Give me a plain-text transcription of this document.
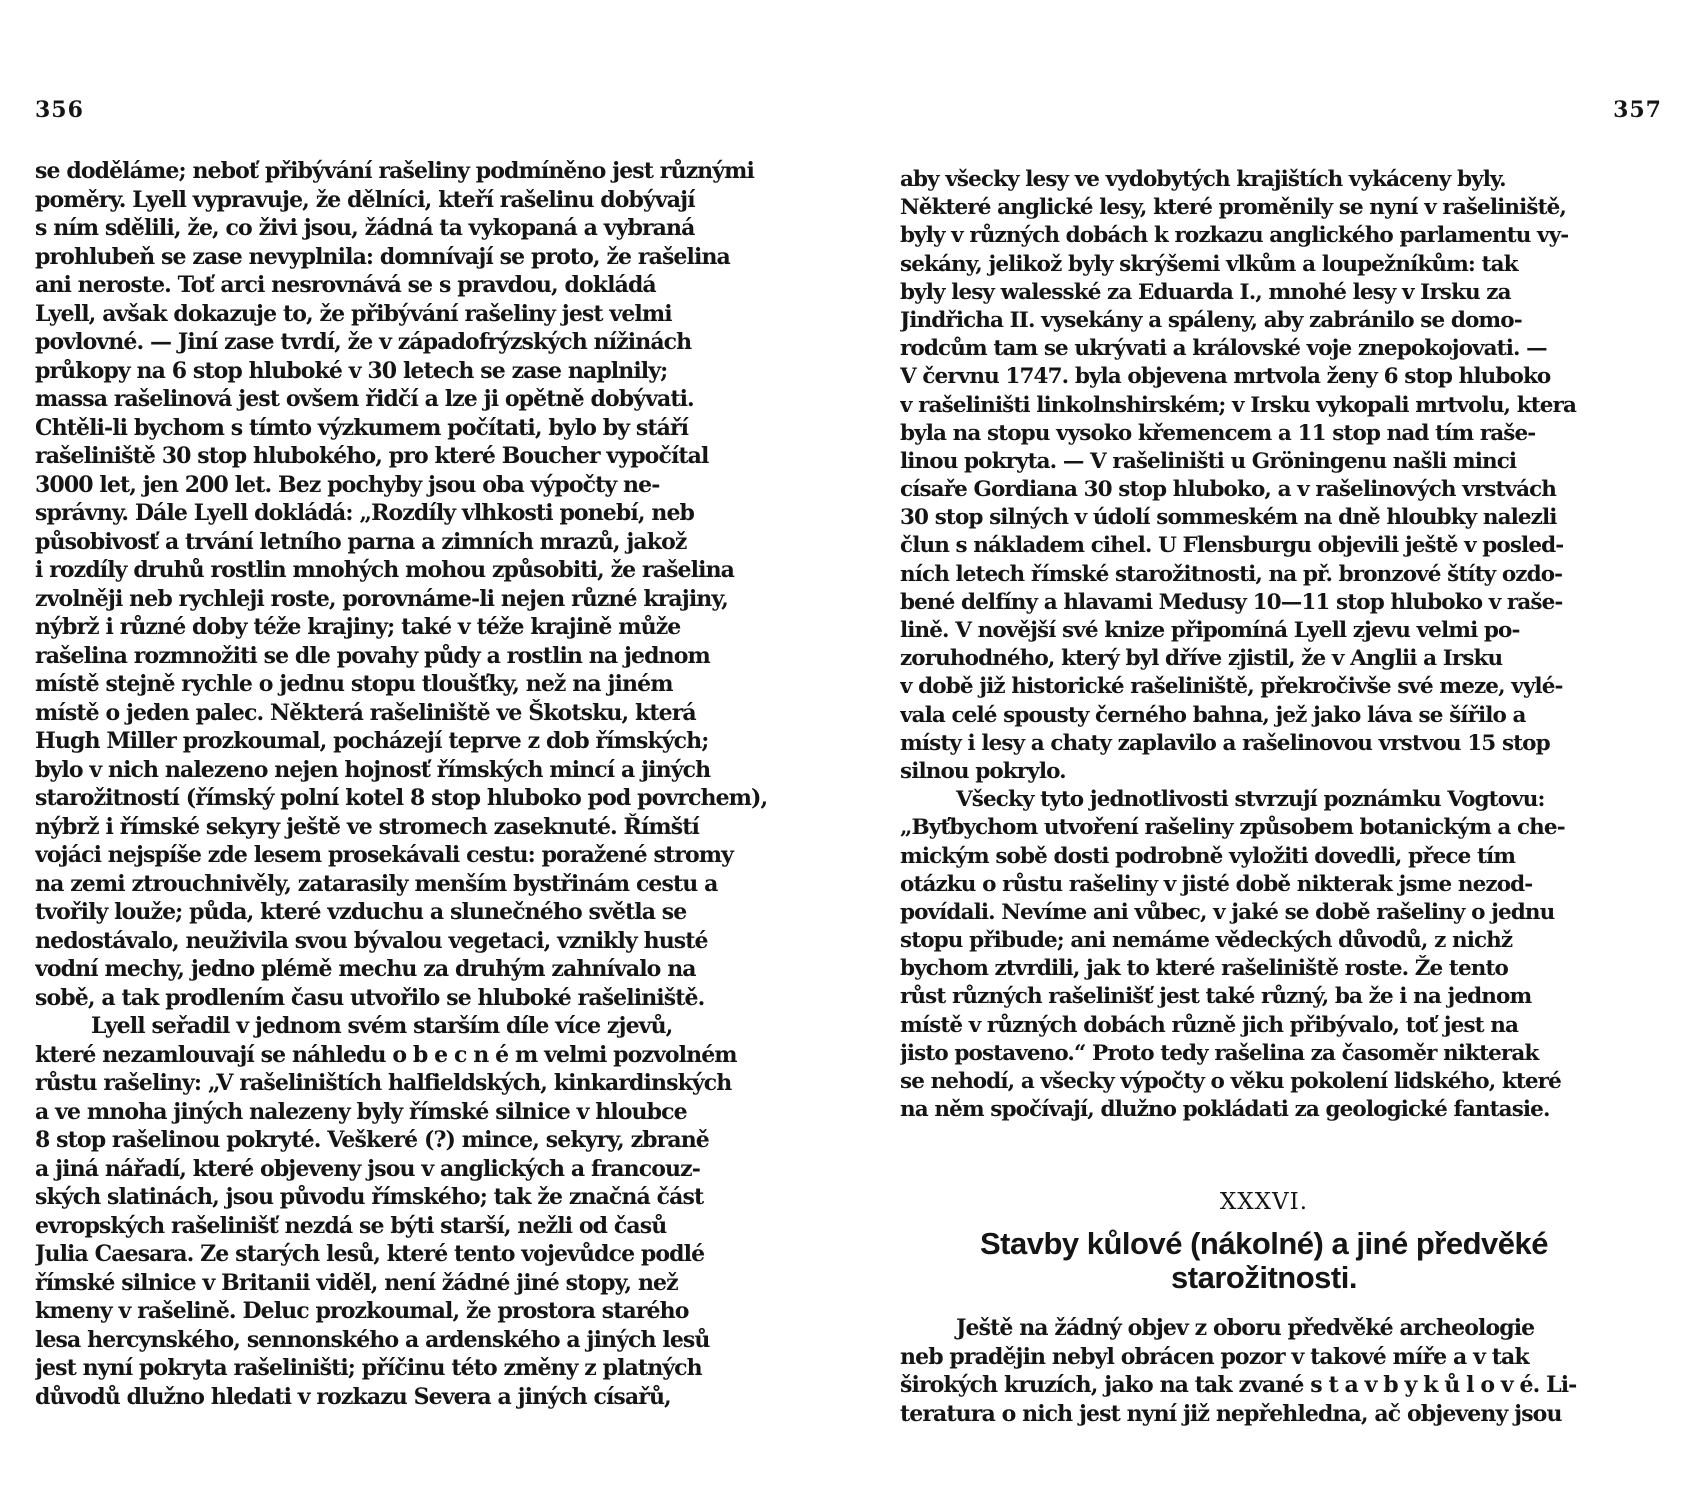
356
se doděláme; neboť přibývání rašeliny podmíněno jest různými
poměry. Lyell vypravuje, že dělníci, kteří rašelinu dobývají
s ním sdělili, že, co živi jsou, žádná ta vykopaná a vybraná
prohlubeň se zase nevyplnila: domnívají se proto, že rašelina
ani neroste. Toť arci nesrovnává se s pravdou, dokládá
Lyell, avšak dokazuje to, že přibývání rašeliny jest velmi
povlovné. — Jiní zase tvrdí, že v západofrýzských nížinách
průkopy na 6 stop hluboké v 30 letech se zase naplnily;
massa rašelinová jest ovšem řidčí a lze ji opětně dobývati.
Chtěli-li bychom s tímto výzkumem počítati, bylo by stáří
rašeliniště 30 stop hlubokého, pro které Boucher vypočítal
3000 let, jen 200 let. Bez pochyby jsou oba výpočty ne-
správny. Dále Lyell dokládá: „Rozdíly vlhkosti ponebí, neb
působivosť a trvání letního parna a zimních mrazů, jakož
i rozdíly druhů rostlin mnohých mohou způsobiti, že rašelina
zvolněji neb rychleji roste, porovnáme-li nejen různé krajiny,
nýbrž i různé doby téže krajiny; také v téže krajině může
rašelina rozmnožiti se dle povahy půdy a rostlin na jednom
místě stejně rychle o jednu stopu tloušťky, než na jiném
místě o jeden palec. Některá rašeliniště ve Škotsku, která
Hugh Miller prozkoumal, pocházejí teprve z dob římských;
bylo v nich nalezeno nejen hojnosť římských mincí a jiných
starožitností (římský polní kotel 8 stop hluboko pod povrchem),
nýbrž i římské sekyry ještě ve stromech zaseknuté. Římští
vojáci nejspíše zde lesem prosekávali cestu: poražené stromy
na zemi ztrouchnivěly, zatarasily menším bystřinám cestu a
tvořily louže; půda, které vzduchu a slunečného světla se
nedostávalo, neuživila svou bývalou vegetaci, vznikly husté
vodní mechy, jedno plémě mechu za druhým zahnívalo na
sobě, a tak prodlením času utvořilo se hluboké rašeliniště.
Lyell seřadil v jednom svém starším díle více zjevů,
které nezamlouvají se náhledu o b e c n é m velmi pozvolném
růstu rašeliny: „V rašeliništích halfieldských, kinkardinských
a ve mnoha jiných nalezeny byly římské silnice v hloubce
8 stop rašelinou pokryté. Veškeré (?) mince, sekyry, zbraně
a jiná nářadí, které objeveny jsou v anglických a francouz-
ských slatinách, jsou původu římského; tak že značná část
evropských rašelinišť nezdá se býti starší, nežli od časů
Julia Caesara. Ze starých lesů, které tento vojevůdce podlé
římské silnice v Britanii viděl, není žádné jiné stopy, než
kmeny v rašelině. Deluc prozkoumal, že prostora starého
lesa hercynského, sennonského a ardenského a jiných lesů
jest nyní pokryta rašeliništi; příčinu této změny z platných
důvodů dlužno hledati v rozkazu Severa a jiných císařů,
357
aby všecky lesy ve vydobytých krajištích vykáceny byly.
Některé anglické lesy, které proměnily se nyní v rašeliniště,
byly v různých dobách k rozkazu anglického parlamentu vy-
sekány, jelikož byly skrýšemi vlkům a loupežníkům: tak
byly lesy walesské za Eduarda I., mnohé lesy v Irsku za
Jindřicha II. vysekány a spáleny, aby zabránilo se domo-
rodcům tam se ukrývati a královské voje znepokojovati. —
V červnu 1747. byla objevena mrtvola ženy 6 stop hluboko
v rašeliništi linkolnshirském; v Irsku vykopali mrtvolu, ktera
byla na stopu vysoko křemencem a 11 stop nad tím raše-
linou pokryta. — V rašeliništi u Gröningenu našli minci
císaře Gordiana 30 stop hluboko, a v rašelinových vrstvách
30 stop silných v údolí sommeském na dně hloubky nalezli
člun s nákladem cihel. U Flensburgu objevili ještě v posled-
ních letech římské starožitnosti, na př. bronzové štíty ozdo-
bené delfíny a hlavami Medusy 10—11 stop hluboko v raše-
lině. V novější své knize připomíná Lyell zjevu velmi po-
zoruhodného, který byl dříve zjistil, že v Anglii a Irsku
v době již historické rašeliniště, překročivše své meze, vylé-
vala celé spousty černého bahna, jež jako láva se šířilo a
místy i lesy a chaty zaplavilo a rašelinovou vrstvou 15 stop
silnou pokrylo.
Všecky tyto jednotlivosti stvrzují poznámku Vogtovu:
„Byťbychom utvoření rašeliny způsobem botanickým a che-
mickým sobě dosti podrobně vyložiti dovedli, přece tím
otázku o růstu rašeliny v jisté době nikterak jsme nezod-
povídali. Nevíme ani vůbec, v jaké se době rašeliny o jednu
stopu přibude; ani nemáme vědeckých důvodů, z nichž
bychom ztvrdili, jak to které rašeliniště roste. Že tento
růst různých rašelinišť jest také různý, ba že i na jednom
místě v různých dobách různě jich přibývalo, toť jest na
jisto postaveno.“ Proto tedy rašelina za časoměr nikterak
se nehodí, a všecky výpočty o věku pokolení lidského, které
na něm spočívají, dlužno pokládati za geologické fantasie.
XXXVI.
Stavby kůlové (nákolné) a jiné předvěké
starožitnosti.
Ještě na žádný objev z oboru předvěké archeologie
neb pradějin nebyl obrácen pozor v takové míře a v tak
širokých kruzích, jako na tak zvané s t a v b y k ů l o v é. Li-
teratura o nich jest nyní již nepřehledna, ač objeveny jsou
